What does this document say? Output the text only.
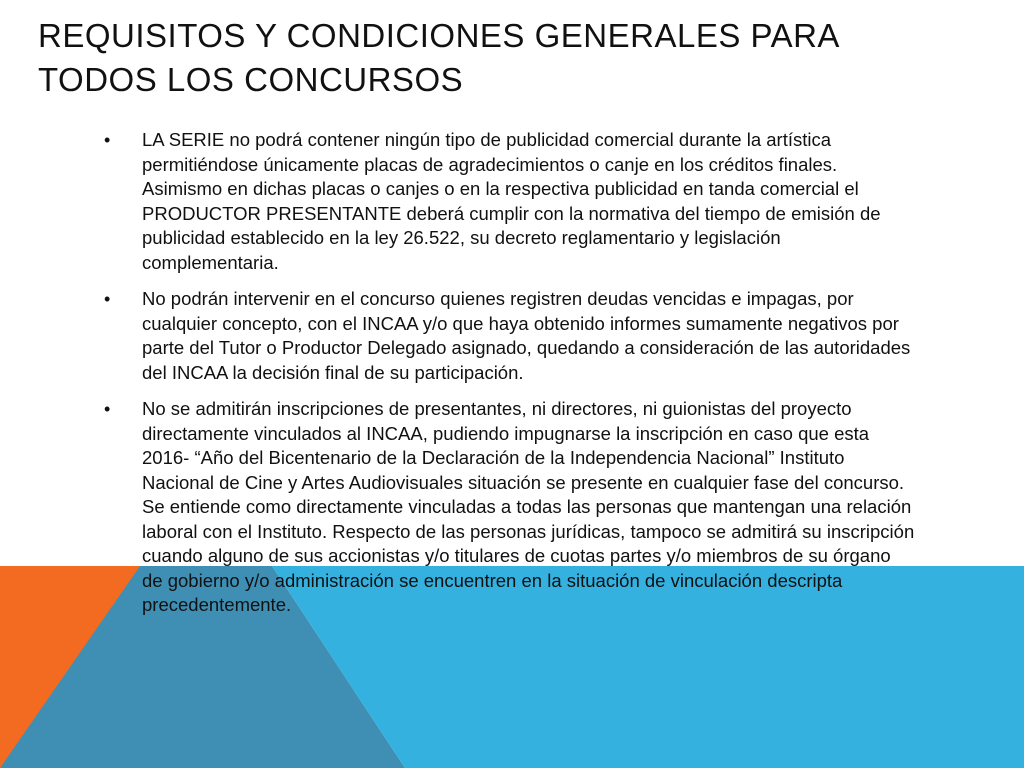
REQUISITOS Y CONDICIONES GENERALES PARA TODOS LOS CONCURSOS
•	LA SERIE no podrá contener ningún tipo de publicidad comercial durante la artística permitiéndose únicamente placas de agradecimientos o canje en los créditos finales. Asimismo en dichas placas o canjes o en la respectiva publicidad en tanda comercial el PRODUCTOR PRESENTANTE deberá cumplir con la normativa del tiempo de emisión de publicidad establecido en la ley 26.522, su decreto reglamentario y legislación complementaria.
•	No podrán intervenir en el concurso quienes registren deudas vencidas e impagas, por cualquier concepto, con el INCAA y/o que haya obtenido informes sumamente negativos por parte del Tutor o Productor Delegado asignado, quedando a consideración de las autoridades del INCAA la decisión final de su participación.
•	No se admitirán inscripciones de presentantes, ni directores, ni guionistas del proyecto directamente vinculados al INCAA, pudiendo impugnarse la inscripción en caso que esta 2016- “Año del Bicentenario de la Declaración de la Independencia Nacional” Instituto Nacional de Cine y Artes Audiovisuales situación se presente en cualquier fase del concurso. Se entiende como directamente vinculadas a todas las personas que mantengan una relación laboral con el Instituto. Respecto de las personas jurídicas, tampoco se admitirá su inscripción cuando alguno de sus accionistas y/o titulares de cuotas partes y/o miembros de su órgano de gobierno y/o administración se encuentren en la situación de vinculación descripta precedentemente.
